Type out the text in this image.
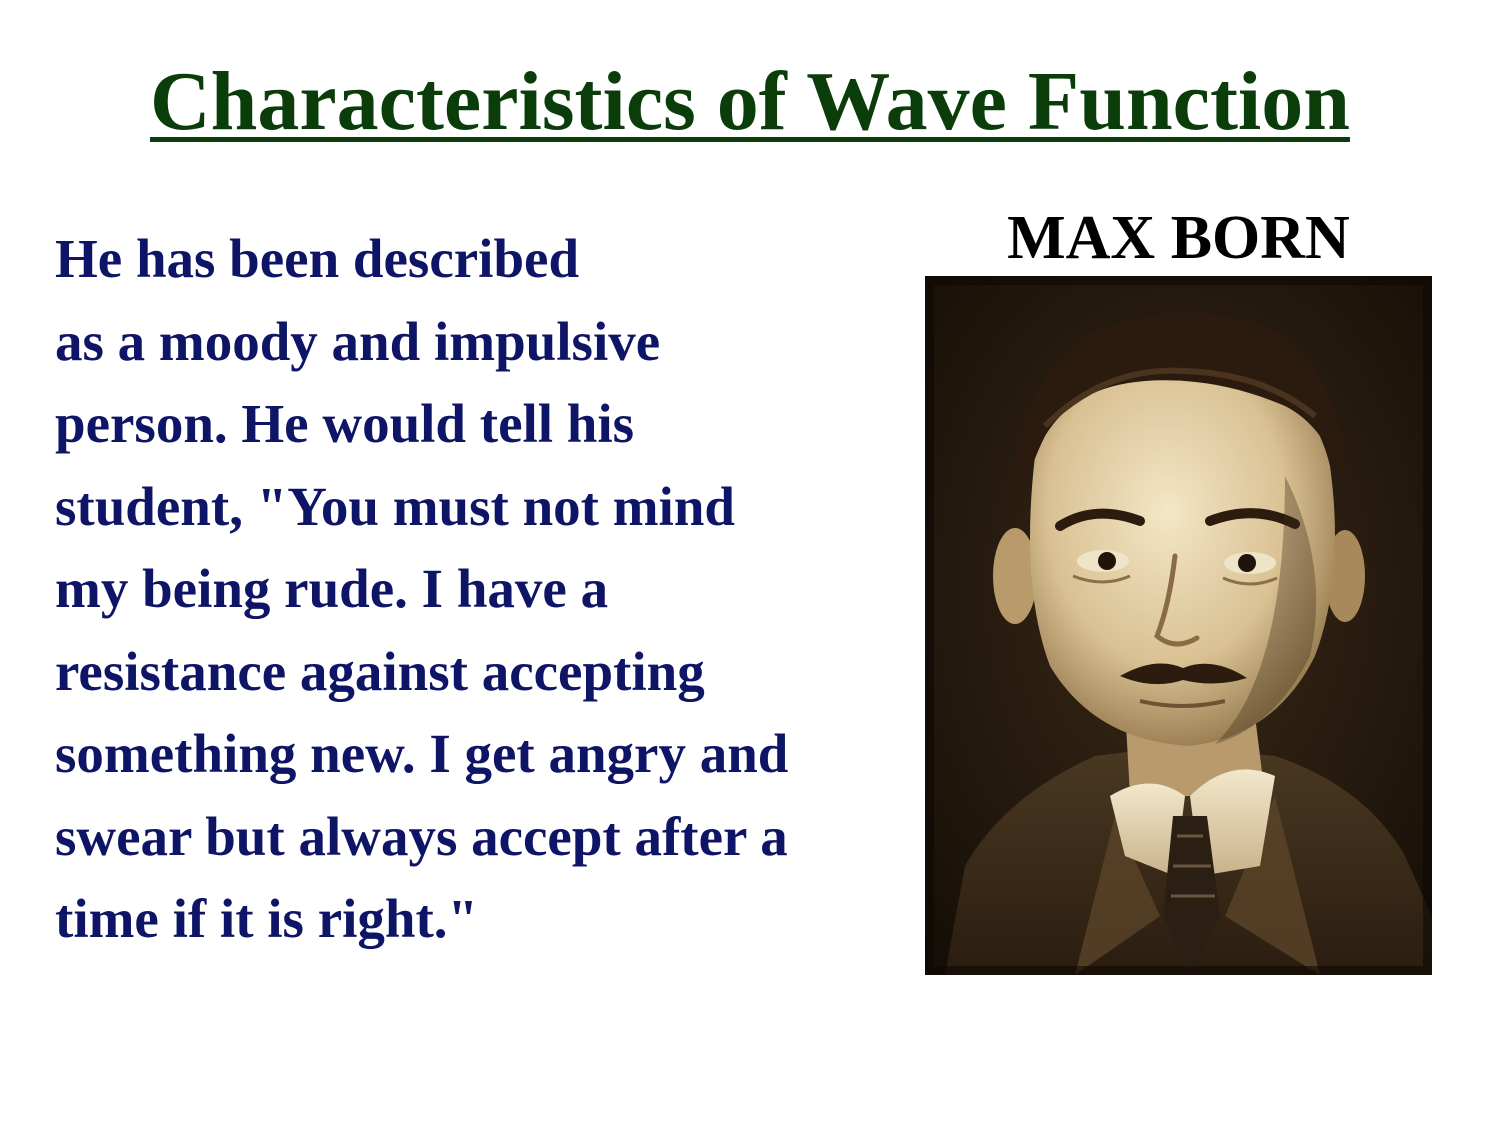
Characteristics of Wave Function
He has been described
as a moody and impulsive
person. He would tell his
student, "You must not mind
my being rude. I have a
resistance against accepting
something new. I get angry and
swear but always accept after a
time if it is right."
MAX BORN
